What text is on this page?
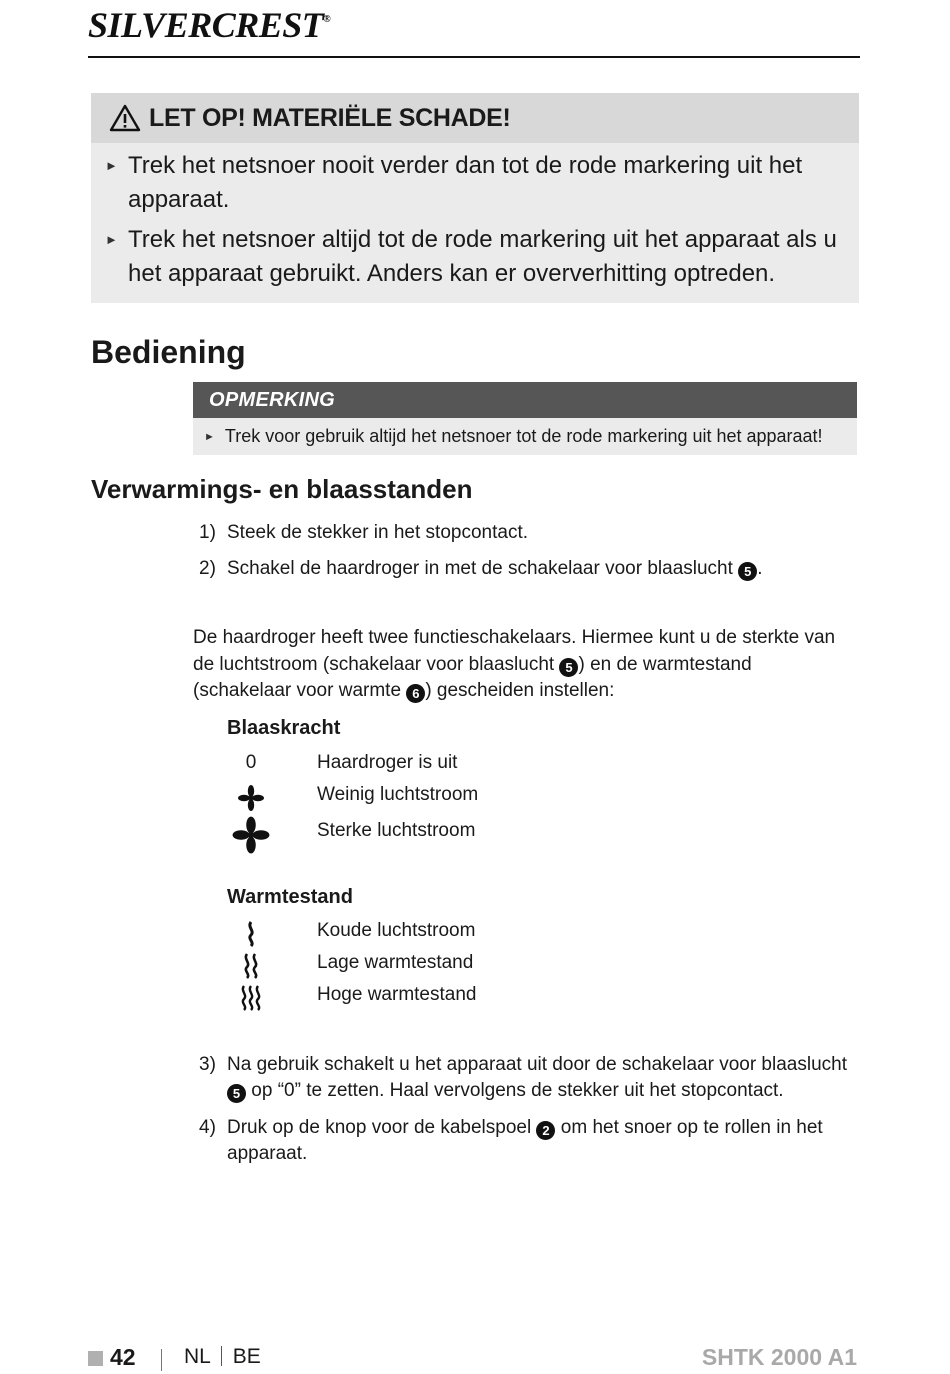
SILVERCREST®
LET OP! MATERIËLE SCHADE!
► Trek het netsnoer nooit verder dan tot de rode markering uit het apparaat.
► Trek het netsnoer altijd tot de rode markering uit het apparaat als u het apparaat gebruikt. Anders kan er oververhitting optreden.
Bediening
OPMERKING
► Trek voor gebruik altijd het netsnoer tot de rode markering uit het apparaat!
Verwarmings- en blaasstanden
1) Steek de stekker in het stopcontact.
2) Schakel de haardroger in met de schakelaar voor blaaslucht 5 .
De haardroger heeft twee functieschakelaars. Hiermee kunt u de sterkte van de luchtstroom (schakelaar voor blaaslucht 5 ) en de warmtestand (schakelaar voor warmte 6 ) gescheiden instellen:
Blaaskracht
0	Haardroger is uit
Weinig luchtstroom
Sterke luchtstroom
Warmtestand
Koude luchtstroom
Lage warmtestand
Hoge warmtestand
3) Na gebruik schakelt u het apparaat uit door de schakelaar voor blaaslucht 5 op “0” te zetten. Haal vervolgens de stekker uit het stopcontact.
4) Druk op de knop voor de kabelspoel 2 om het snoer op te rollen in het apparaat.
42 NL BE	SHTK 2000 A1
